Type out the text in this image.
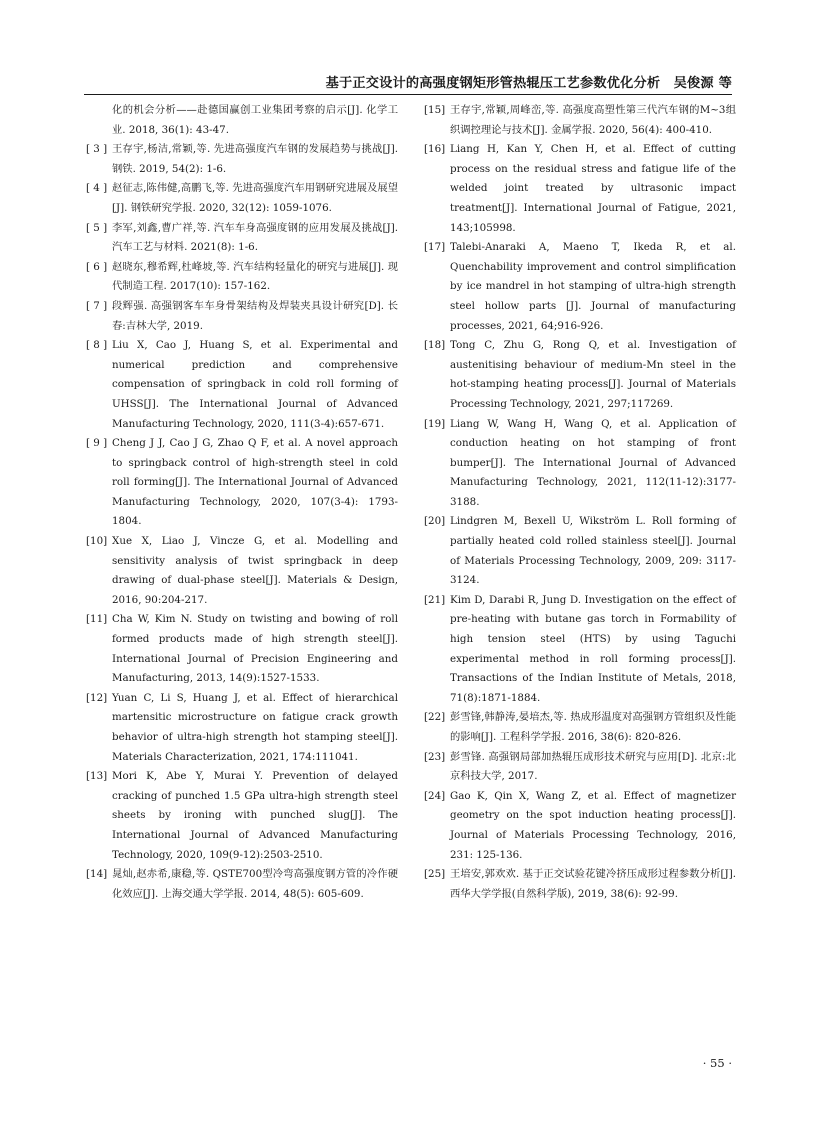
基于正交设计的高强度钢矩形管热辊压工艺参数优化分析　吴俊源 等
化的机会分析——赴德国赢创工业集团考察的启示[J]. 化学工业. 2018, 36(1): 43-47.
[ 3 ] 王存宇,杨洁,常颖,等. 先进高强度汽车钢的发展趋势与挑战[J]. 钢铁. 2019, 54(2): 1-6.
[ 4 ] 赵征志,陈伟健,高鹏飞,等. 先进高强度汽车用钢研究进展及展望[J]. 钢铁研究学报. 2020, 32(12): 1059-1076.
[ 5 ] 李军,刘鑫,曹广祥,等. 汽车车身高强度钢的应用发展及挑战[J]. 汽车工艺与材料. 2021(8): 1-6.
[ 6 ] 赵晓东,穆希辉,杜峰坡,等. 汽车结构轻量化的研究与进展[J]. 现代制造工程. 2017(10): 157-162.
[ 7 ] 段辉强. 高强钢客车车身骨架结构及焊装夹具设计研究[D]. 长春:吉林大学, 2019.
[ 8 ] Liu X, Cao J, Huang S, et al. Experimental and numerical prediction and comprehensive compensation of springback in cold roll forming of UHSS[J]. The International Journal of Advanced Manufacturing Technology, 2020, 111(3-4):657-671.
[ 9 ] Cheng J J, Cao J G, Zhao Q F, et al. A novel approach to springback control of high-strength steel in cold roll forming[J]. The International Journal of Advanced Manufacturing Technology, 2020, 107(3-4): 1793-1804.
[10] Xue X, Liao J, Vincze G, et al. Modelling and sensitivity analysis of twist springback in deep drawing of dual-phase steel[J]. Materials & Design, 2016, 90:204-217.
[11] Cha W, Kim N. Study on twisting and bowing of roll formed products made of high strength steel[J]. International Journal of Precision Engineering and Manufacturing, 2013, 14(9):1527-1533.
[12] Yuan C, Li S, Huang J, et al. Effect of hierarchical martensitic microstructure on fatigue crack growth behavior of ultra-high strength hot stamping steel[J]. Materials Characterization, 2021, 174:111041.
[13] Mori K, Abe Y, Murai Y. Prevention of delayed cracking of punched 1.5 GPa ultra-high strength steel sheets by ironing with punched slug[J]. The International Journal of Advanced Manufacturing Technology, 2020, 109(9-12):2503-2510.
[14] 晁灿,赵赤希,康稳,等. QSTE700型冷弯高强度钢方管的冷作硬化效应[J]. 上海交通大学学报. 2014, 48(5): 605-609.
[15] 王存宇,常颖,周峰峦,等. 高强度高塑性第三代汽车钢的M~3组织调控理论与技术[J]. 金属学报. 2020, 56(4): 400-410.
[16] Liang H, Kan Y, Chen H, et al. Effect of cutting process on the residual stress and fatigue life of the welded joint treated by ultrasonic impact treatment[J]. International Journal of Fatigue, 2021, 143;105998.
[17] Talebi-Anaraki A, Maeno T, Ikeda R, et al. Quenchability improvement and control simplification by ice mandrel in hot stamping of ultra-high strength steel hollow parts [J]. Journal of manufacturing processes, 2021, 64;916-926.
[18] Tong C, Zhu G, Rong Q, et al. Investigation of austenitising behaviour of medium-Mn steel in the hot-stamping heating process[J]. Journal of Materials Processing Technology, 2021, 297;117269.
[19] Liang W, Wang H, Wang Q, et al. Application of conduction heating on hot stamping of front bumper[J]. The International Journal of Advanced Manufacturing Technology, 2021, 112(11-12):3177-3188.
[20] Lindgren M, Bexell U, Wikström L. Roll forming of partially heated cold rolled stainless steel[J]. Journal of Materials Processing Technology, 2009, 209: 3117-3124.
[21] Kim D, Darabi R, Jung D. Investigation on the effect of pre-heating with butane gas torch in Formability of high tension steel (HTS) by using Taguchi experimental method in roll forming process[J]. Transactions of the Indian Institute of Metals, 2018, 71(8):1871-1884.
[22] 彭雪锋,韩静涛,晏培杰,等. 热成形温度对高强钢方管组织及性能的影响[J]. 工程科学学报. 2016, 38(6): 820-826.
[23] 彭雪锋. 高强钢局部加热辊压成形技术研究与应用[D]. 北京:北京科技大学, 2017.
[24] Gao K, Qin X, Wang Z, et al. Effect of magnetizer geometry on the spot induction heating process[J]. Journal of Materials Processing Technology, 2016, 231: 125-136.
[25] 王培安,郭欢欢. 基于正交试验花键冷挤压成形过程参数分析[J]. 西华大学学报(自然科学版), 2019, 38(6): 92-99.
· 55 ·
